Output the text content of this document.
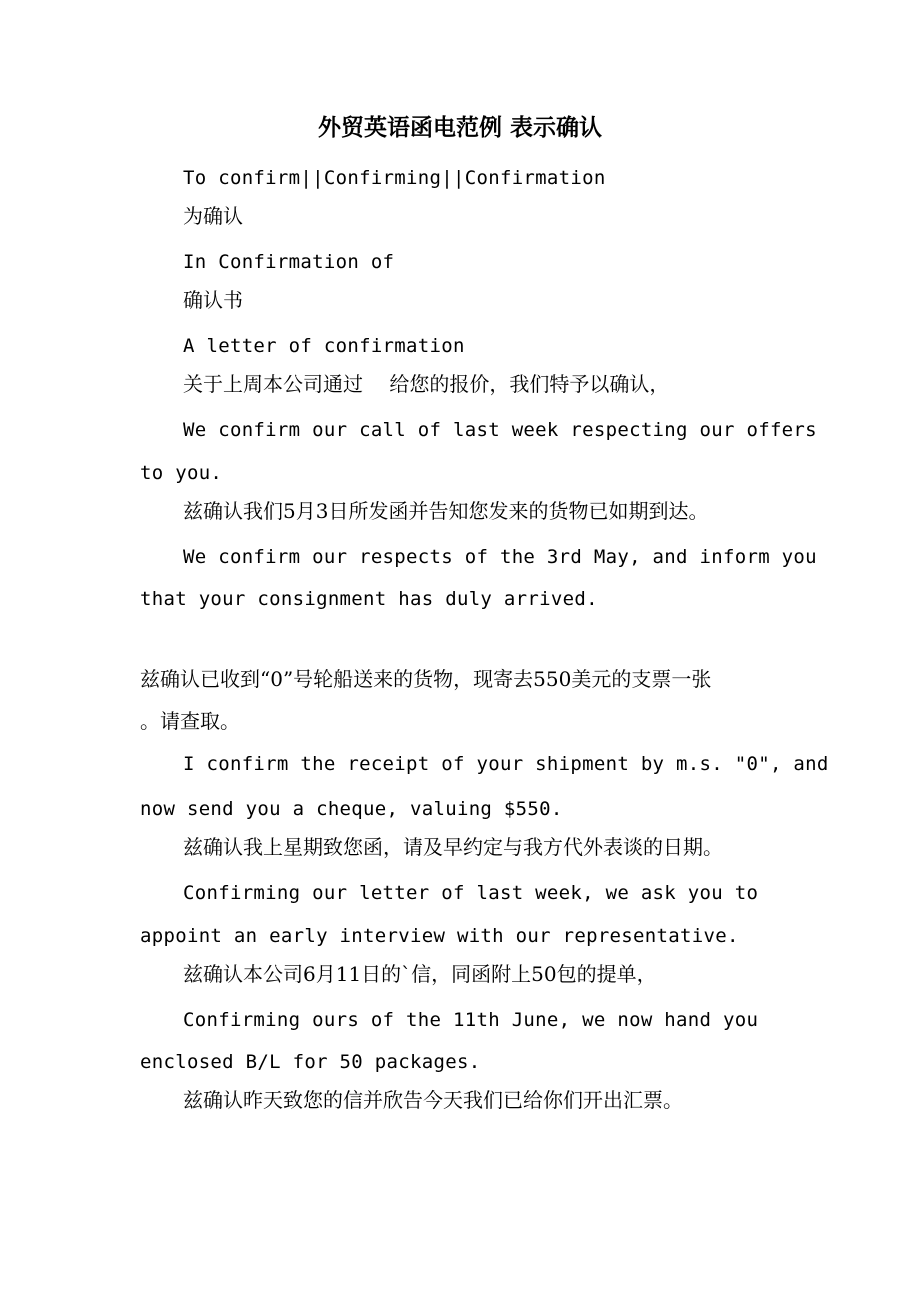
外贸英语函电范例 表示确认
To confirm||Confirming||Confirmation
为确认
In Confirmation of
确认书
A letter of confirmation
关于上周本公司通过　 给您的报价，我们特予以确认，
We confirm our call of last week respecting our offers
to you.
兹确认我们5月3日所发函并告知您发来的货物已如期到达。
We confirm our respects of the 3rd May, and inform you
that your consignment has duly arrived.
兹确认已收到“0”号轮船送来的货物，现寄去550美元的支票一张
。请查取。
I confirm the receipt of your shipment by m.s. "0", and
now send you a cheque, valuing $550.
兹确认我上星期致您函，请及早约定与我方代外表谈的日期。
Confirming our letter of last week, we ask you to
appoint an early interview with our representative.
兹确认本公司6月11日的`信，同函附上50包的提单，
Confirming ours of the 11th June, we now hand you
enclosed B/L for 50 packages.
兹确认昨天致您的信并欣告今天我们已给你们开出汇票。
